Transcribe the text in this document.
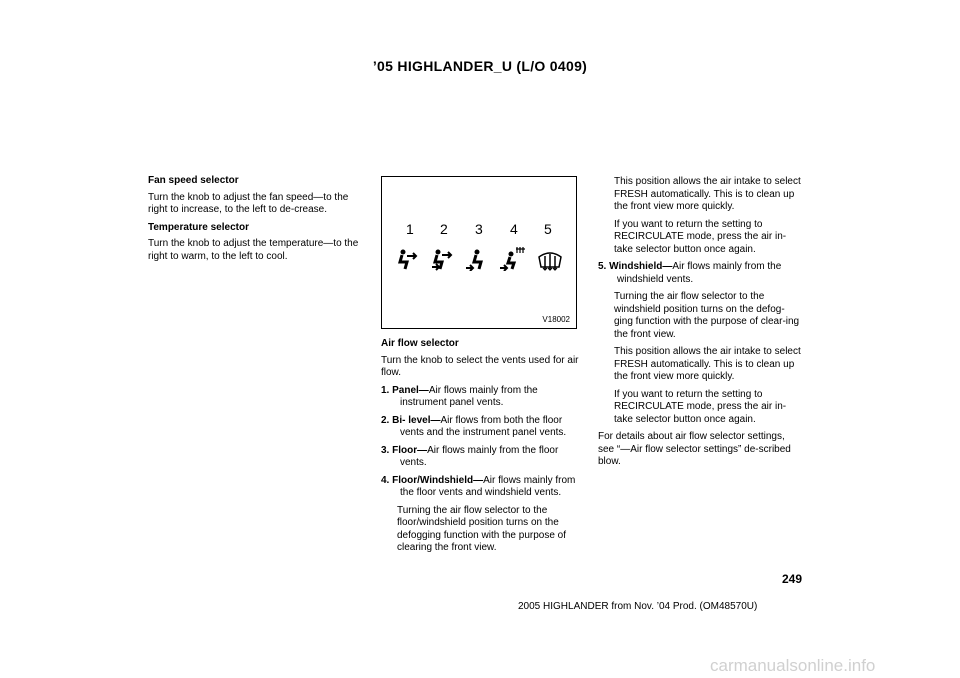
’05 HIGHLANDER_U (L/O 0409)

Fan speed selector

Turn the knob to adjust the fan speed—to the right to increase, to the left to de-crease.

Temperature selector

Turn the knob to adjust the temperature—to the right to warm, to the left to cool.

1 2 3 4 5
V18002

Air flow selector

Turn the knob to select the vents used for air flow.

1. Panel—Air flows mainly from the instrument panel vents.

2. Bi- level—Air flows from both the floor vents and the instrument panel vents.

3. Floor—Air flows mainly from the floor vents.

4. Floor/Windshield—Air flows mainly from the floor vents and windshield vents.

Turning the air flow selector to the floor/windshield position turns on the defogging function with the purpose of clearing the front view.

This position allows the air intake to select FRESH automatically. This is to clean up the front view more quickly.

If you want to return the setting to RECIRCULATE mode, press the air in-take selector button once again.

5. Windshield—Air flows mainly from the windshield vents.

Turning the air flow selector to the windshield position turns on the defog-ging function with the purpose of clear-ing the front view.

This position allows the air intake to select FRESH automatically. This is to clean up the front view more quickly.

If you want to return the setting to RECIRCULATE mode, press the air in-take selector button once again.

For details about air flow selector settings, see “—Air flow selector settings” de-scribed blow.

249
2005 HIGHLANDER from Nov. ’04 Prod. (OM48570U)
carmanualsonline.info
